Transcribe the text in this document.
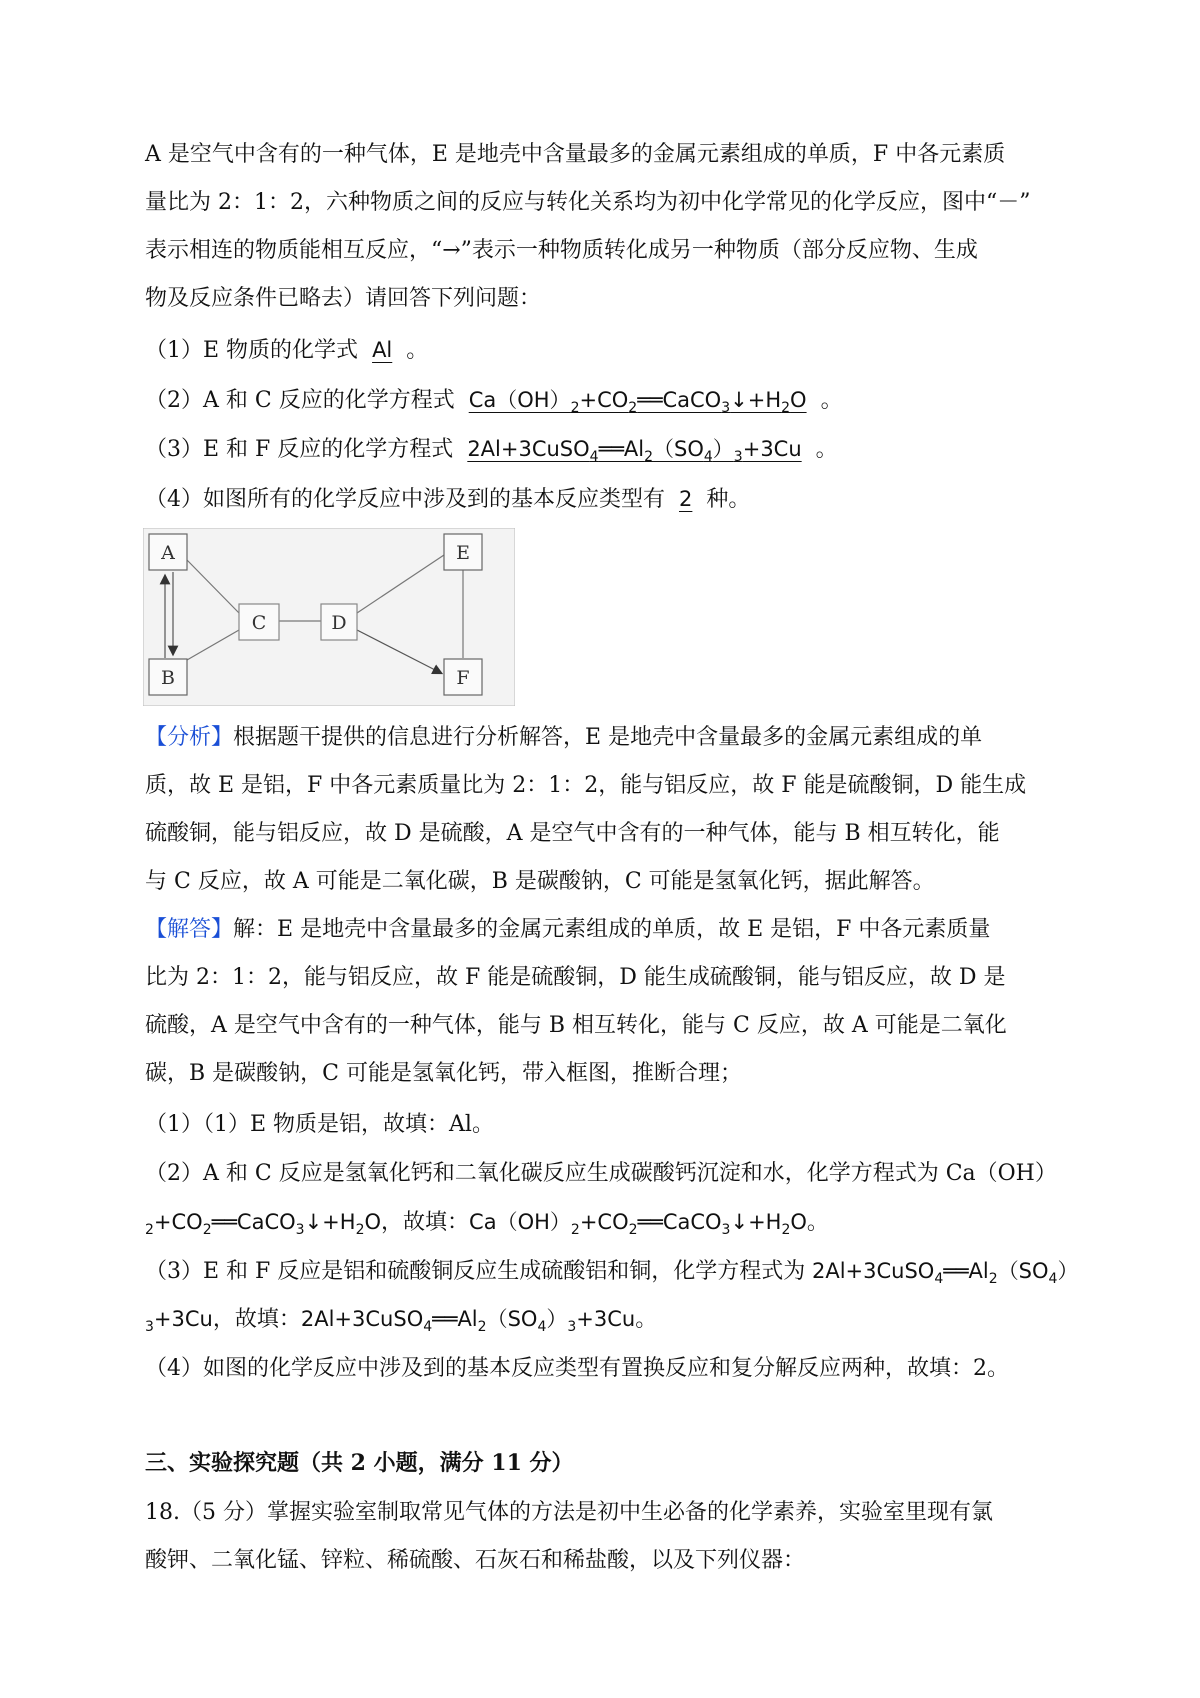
A 是空气中含有的一种气体，E 是地壳中含量最多的金属元素组成的单质，F 中各元素质
量比为 2：1：2，六种物质之间的反应与转化关系均为初中化学常见的化学反应，图中“－”
表示相连的物质能相互反应，“→”表示一种物质转化成另一种物质（部分反应物、生成
物及反应条件已略去）请回答下列问题：
（1）E 物质的化学式 Al 。
（2）A 和 C 反应的化学方程式 $Ca(OH)_2+CO_2══CaCO_3↓+H_2O$ 。
（3）E 和 F 反应的化学方程式 $2Al+3CuSO_4══Al_2(SO_4)_3+3Cu$ 。
（4）如图所有的化学反应中涉及到的基本反应类型有 2 种。
A
B
C	D
E
F
【分析】根据题干提供的信息进行分析解答，E 是地壳中含量最多的金属元素组成的单
质，故 E 是铝，F 中各元素质量比为 2：1：2，能与铝反应，故 F 能是硫酸铜，D 能生成
硫酸铜，能与铝反应，故 D 是硫酸，A 是空气中含有的一种气体，能与 B 相互转化，能
与 C 反应，故 A 可能是二氧化碳，B 是碳酸钠，C 可能是氢氧化钙，据此解答。
【解答】解：E 是地壳中含量最多的金属元素组成的单质，故 E 是铝，F 中各元素质量
比为 2：1：2，能与铝反应，故 F 能是硫酸铜，D 能生成硫酸铜，能与铝反应，故 D 是
硫酸，A 是空气中含有的一种气体，能与 B 相互转化，能与 C 反应，故 A 可能是二氧化
碳，B 是碳酸钠，C 可能是氢氧化钙，带入框图，推断合理；
（1）（1）E 物质是铝，故填：Al。
（2）A 和 C 反应是氢氧化钙和二氧化碳反应生成碳酸钙沉淀和水，化学方程式为 Ca（OH）
$_2+CO_2══CaCO_3↓+H_2O$，故填：$Ca(OH)_2+CO_2══CaCO_3↓+H_2O$。
（3）E 和 F 反应是铝和硫酸铜反应生成硫酸铝和铜，化学方程式为 $2Al+3CuSO_4══Al_2(SO_4)$
$_3$+3Cu，故填：$2Al+3CuSO_4══Al_2(SO_4)_3+3Cu$。
（4）如图的化学反应中涉及到的基本反应类型有置换反应和复分解反应两种，故填：2。
三、实验探究题（共 2 小题，满分 11 分）
18.（5 分）掌握实验室制取常见气体的方法是初中生必备的化学素养，实验室里现有氯
酸钾、二氧化锰、锌粒、稀硫酸、石灰石和稀盐酸，以及下列仪器：
